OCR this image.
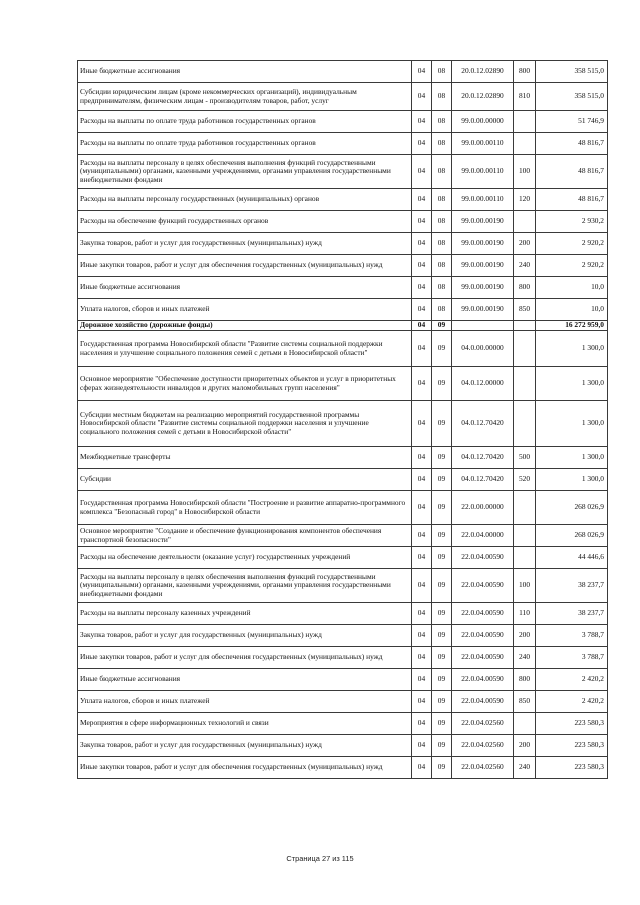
Иные бюджетные ассигнования	04	08	20.0.12.02890	800	358 515,0
Субсидии юридическим лицам (кроме некоммерческих организаций), индивидуальным предпринимателям, физическим лицам - производителям товаров, работ, услуг	04	08	20.0.12.02890	810	358 515,0
Расходы на выплаты по оплате труда работников государственных органов	04	08	99.0.00.00000		51 746,9
Расходы на выплаты по оплате труда работников государственных органов	04	08	99.0.00.00110		48 816,7
Расходы на выплаты персоналу в целях обеспечения выполнения функций государственными (муниципальными) органами, казенными учреждениями, органами управления государственными внебюджетными фондами	04	08	99.0.00.00110	100	48 816,7
Расходы на выплаты персоналу государственных (муниципальных) органов	04	08	99.0.00.00110	120	48 816,7
Расходы на обеспечение функций государственных органов	04	08	99.0.00.00190		2 930,2
Закупка товаров, работ и услуг для государственных (муниципальных) нужд	04	08	99.0.00.00190	200	2 920,2
Иные закупки товаров, работ и услуг для обеспечения государственных (муниципальных) нужд	04	08	99.0.00.00190	240	2 920,2
Иные бюджетные ассигнования	04	08	99.0.00.00190	800	10,0
Уплата налогов, сборов и иных платежей	04	08	99.0.00.00190	850	10,0
Дорожное хозяйство (дорожные фонды)	04	09			16 272 959,0
Государственная программа Новосибирской области "Развитие системы социальной поддержки населения и улучшение социального положения семей с детьми в Новосибирской области"	04	09	04.0.00.00000		1 300,0
Основное мероприятие "Обеспечение доступности приоритетных объектов и услуг в приоритетных сферах жизнедеятельности инвалидов и других маломобильных групп населения"	04	09	04.0.12.00000		1 300,0
Субсидии местным бюджетам на реализацию мероприятий государственной программы Новосибирской области "Развитие системы социальной поддержки населения и улучшение социального положения семей с детьми в Новосибирской области"	04	09	04.0.12.70420		1 300,0
Межбюджетные трансферты	04	09	04.0.12.70420	500	1 300,0
Субсидии	04	09	04.0.12.70420	520	1 300,0
Государственная программа Новосибирской области "Построение и развитие аппаратно-программного комплекса "Безопасный город" в Новосибирской области	04	09	22.0.00.00000		268 026,9
Основное мероприятие "Создание и обеспечение функционирования компонентов обеспечения транспортной безопасности"	04	09	22.0.04.00000		268 026,9
Расходы на обеспечение деятельности (оказание услуг) государственных учреждений	04	09	22.0.04.00590		44 446,6
Расходы на выплаты персоналу в целях обеспечения выполнения функций государственными (муниципальными) органами, казенными учреждениями, органами управления государственными внебюджетными фондами	04	09	22.0.04.00590	100	38 237,7
Расходы на выплаты персоналу казенных учреждений	04	09	22.0.04.00590	110	38 237,7
Закупка товаров, работ и услуг для государственных (муниципальных) нужд	04	09	22.0.04.00590	200	3 788,7
Иные закупки товаров, работ и услуг для обеспечения государственных (муниципальных) нужд	04	09	22.0.04.00590	240	3 788,7
Иные бюджетные ассигнования	04	09	22.0.04.00590	800	2 420,2
Уплата налогов, сборов и иных платежей	04	09	22.0.04.00590	850	2 420,2
Мероприятия в сфере информационных технологий и связи	04	09	22.0.04.02560		223 580,3
Закупка товаров, работ и услуг для государственных (муниципальных) нужд	04	09	22.0.04.02560	200	223 580,3
Иные закупки товаров, работ и услуг для обеспечения государственных (муниципальных) нужд	04	09	22.0.04.02560	240	223 580,3
Страница 27 из 115
